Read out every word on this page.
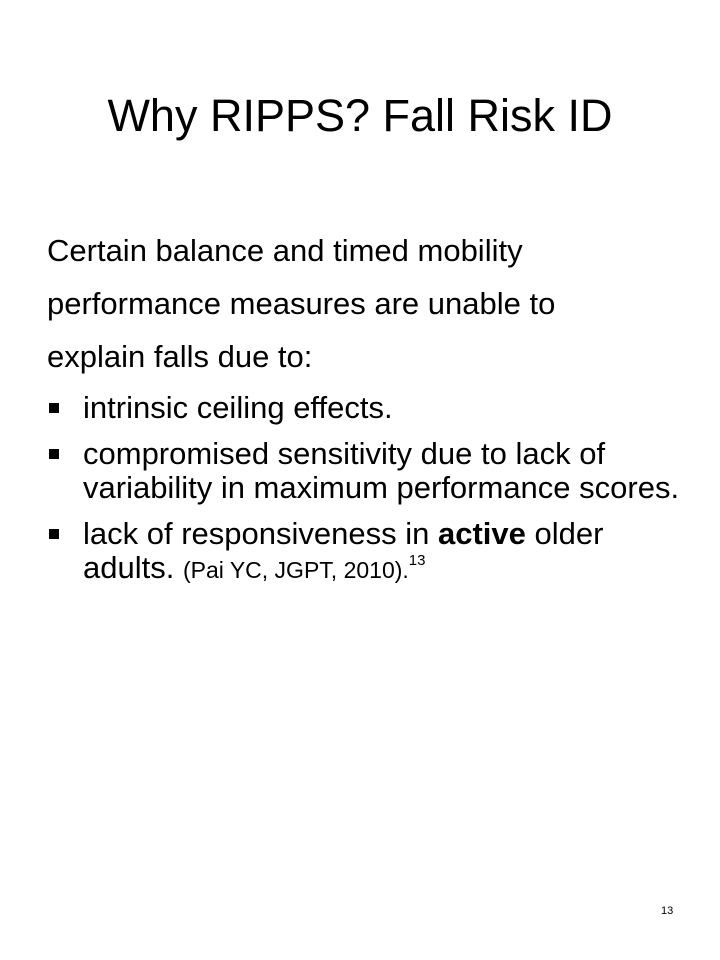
Why RIPPS? Fall Risk ID
Certain balance and timed mobility
performance measures are unable to
explain falls due to:
intrinsic ceiling effects.
compromised sensitivity due to lack of variability in maximum performance scores.
lack of responsiveness in active older adults. (Pai YC, JGPT, 2010).$^{13}$
13
